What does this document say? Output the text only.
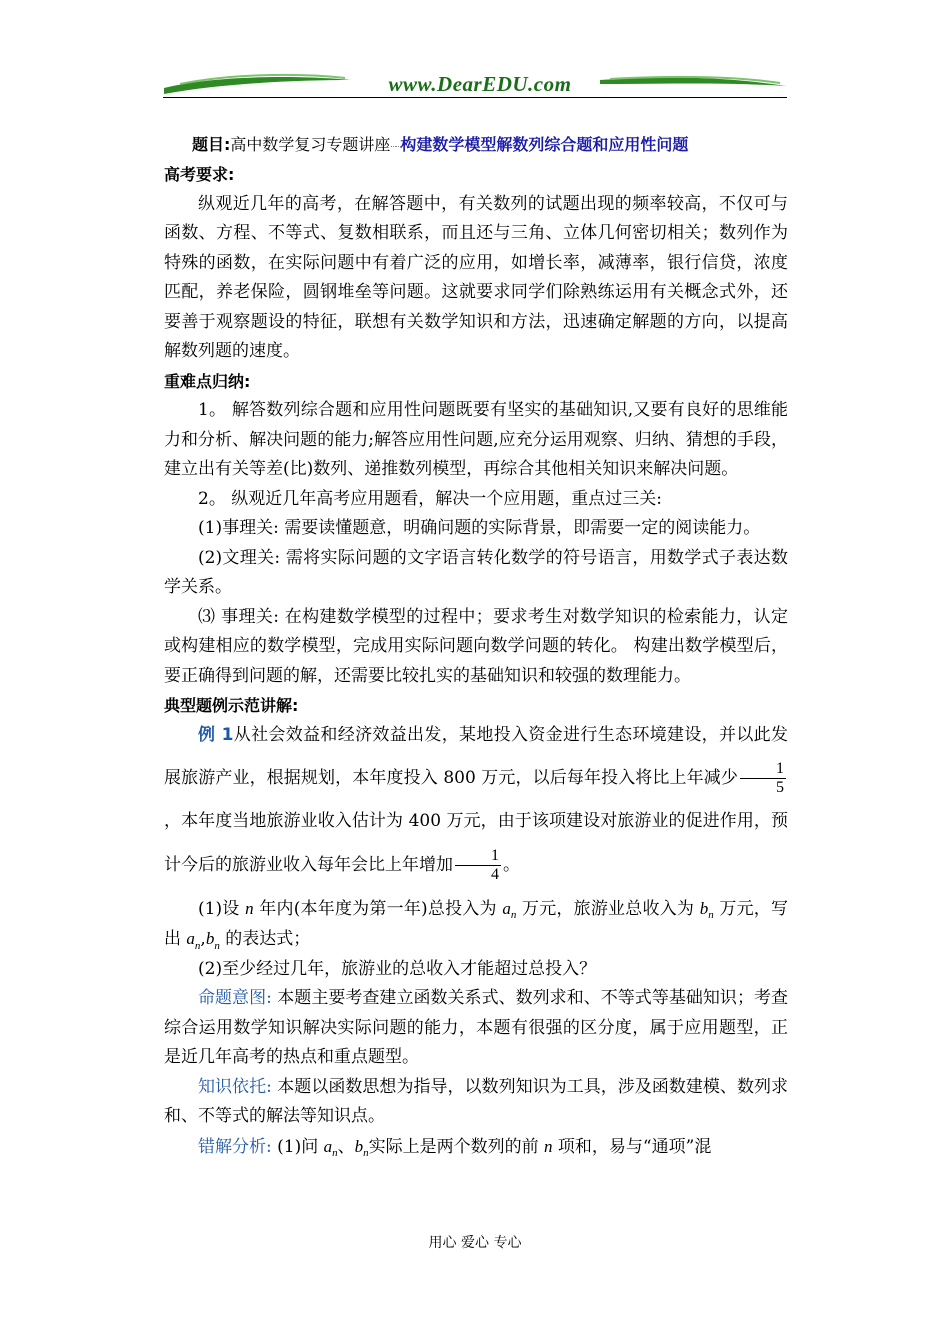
www.DearEDU.com

题目:高中数学复习专题讲座……构建数学模型解数列综合题和应用性问题

高考要求:

纵观近几年的高考，在解答题中，有关数列的试题出现的频率较高，不仅可与函数、方程、不等式、复数相联系，而且还与三角、立体几何密切相关；数列作为特殊的函数，在实际问题中有着广泛的应用，如增长率，减薄率，银行信贷，浓度匹配，养老保险，圆钢堆垒等问题。这就要求同学们除熟练运用有关概念式外，还要善于观察题设的特征，联想有关数学知识和方法，迅速确定解题的方向，以提高解数列题的速度。

重难点归纳:

1。 解答数列综合题和应用性问题既要有坚实的基础知识,又要有良好的思维能力和分析、解决问题的能力;解答应用性问题,应充分运用观察、归纳、猜想的手段，建立出有关等差(比)数列、递推数列模型，再综合其他相关知识来解决问题。

2。 纵观近几年高考应用题看，解决一个应用题，重点过三关:

(1)事理关: 需要读懂题意，明确问题的实际背景，即需要一定的阅读能力。

(2)文理关: 需将实际问题的文字语言转化数学的符号语言，用数学式子表达数学关系。

⑶ 事理关: 在构建数学模型的过程中；要求考生对数学知识的检索能力，认定或构建相应的数学模型，完成用实际问题向数学问题的转化。 构建出数学模型后，要正确得到问题的解，还需要比较扎实的基础知识和较强的数理能力。

典型题例示范讲解:

例 1从社会效益和经济效益出发，某地投入资金进行生态环境建设，并以此发展旅游产业，根据规划，本年度投入 800 万元，以后每年投入将比上年减少 $\frac{1}{5}$
，本年度当地旅游业收入估计为 400 万元，由于该项建设对旅游业的促进作用，预计今后的旅游业收入每年会比上年增加 $\frac{1}{4}$ 。

(1)设 n 年内(本年度为第一年)总投入为 $a_n$ 万元，旅游业总收入为 $b_n$ 万元，写出 $a_n,b_n$ 的表达式；

(2)至少经过几年，旅游业的总收入才能超过总投入？

命题意图: 本题主要考查建立函数关系式、数列求和、不等式等基础知识；考查综合运用数学知识解决实际问题的能力，本题有很强的区分度，属于应用题型，正是近几年高考的热点和重点题型。

知识依托: 本题以函数思想为指导，以数列知识为工具，涉及函数建模、数列求和、不等式的解法等知识点。

错解分析: (1)问 $a_n$、$b_n$实际上是两个数列的前 n 项和，易与“通项”混

用心 爱心 专心
